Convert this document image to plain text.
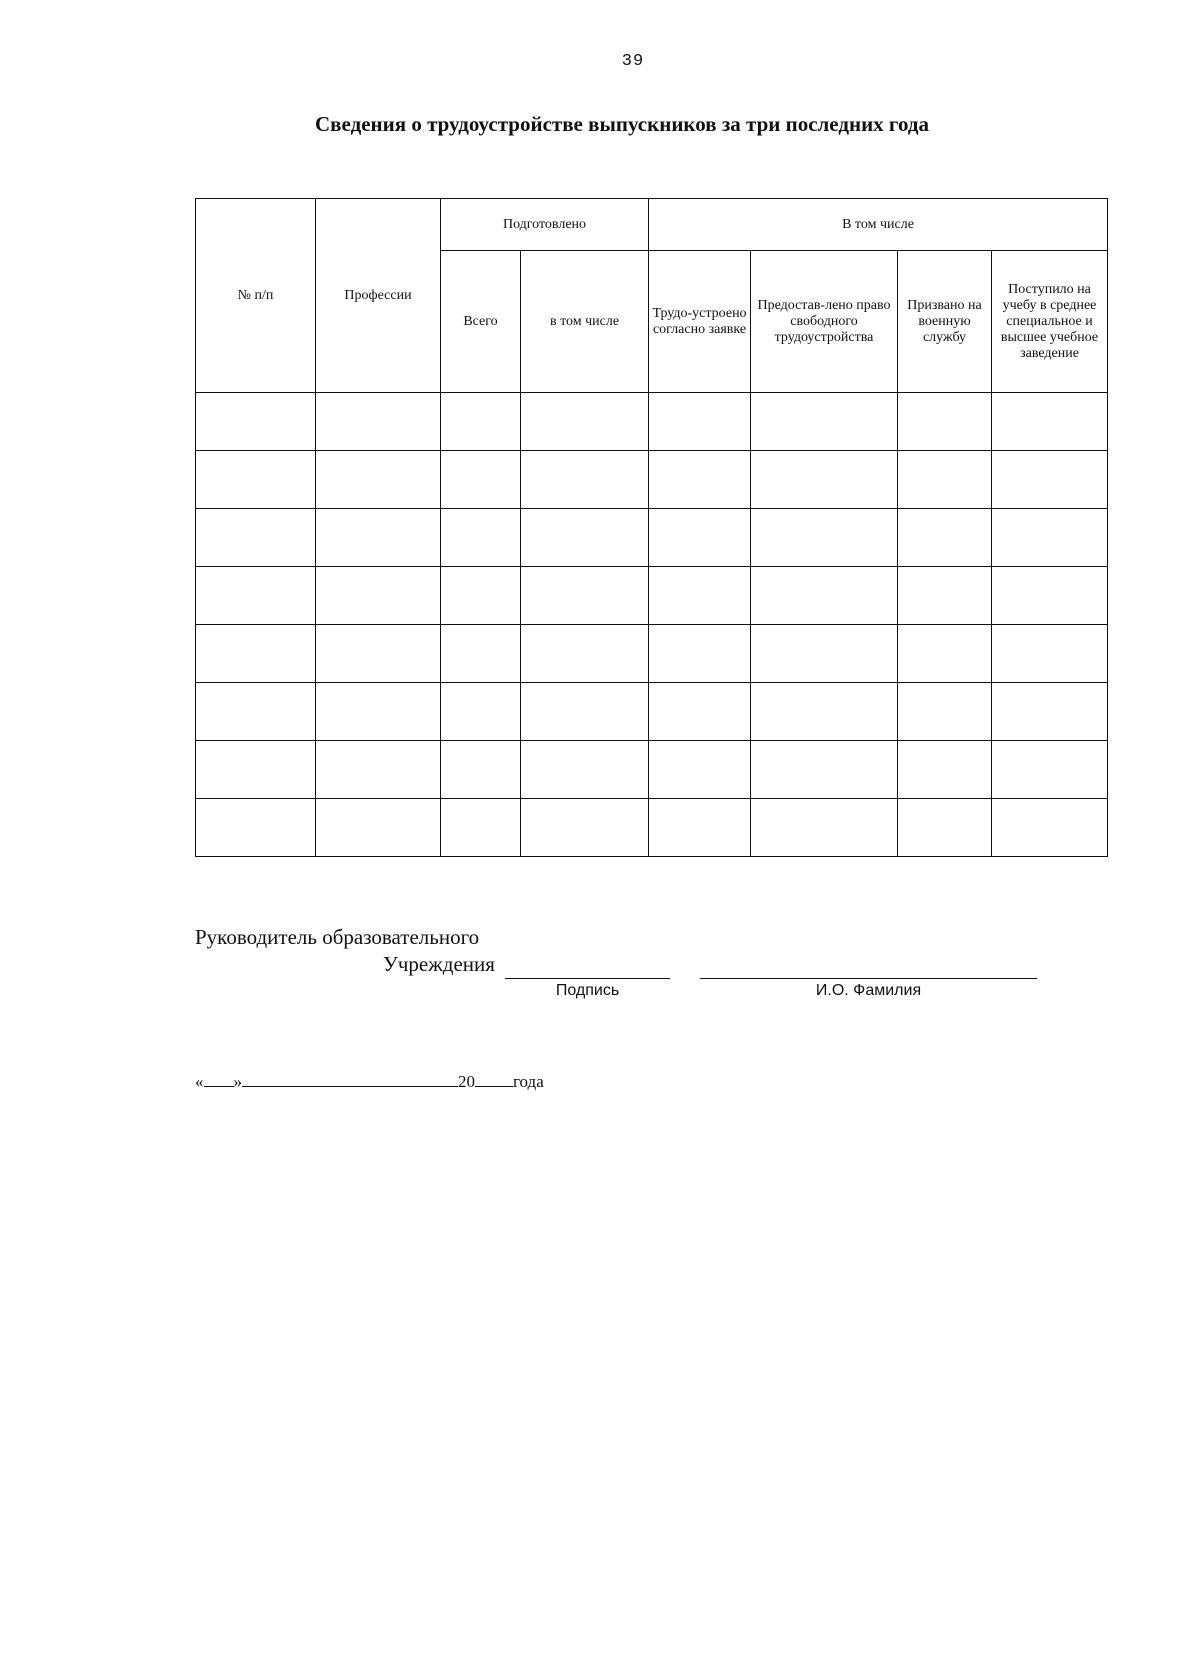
39
Сведения о трудоустройстве выпускников за три последних года
№ п/п	Профессии	Подготовлено		В том числе			
		Всего	в том числе	Трудо-устроено согласно заявке	Предостав-лено право свободного трудоустройства	Призвано на военную службу	Поступило на учебу в среднее специальное и высшее учебное заведение

Руководитель образовательного
Учреждения
Подпись	И.О. Фамилия
« »	20 года
